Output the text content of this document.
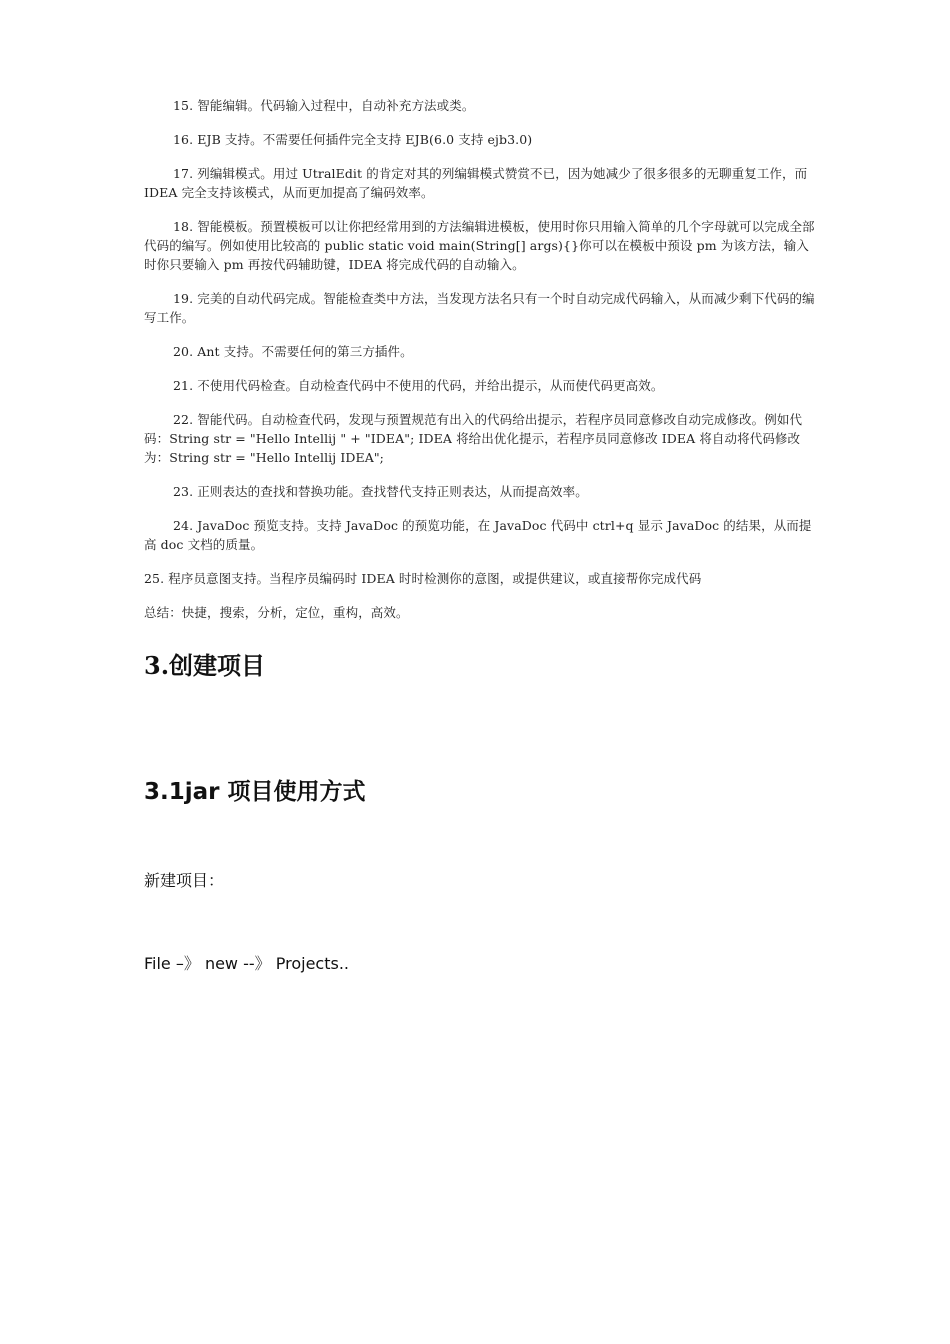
15. 智能编辑。代码输入过程中，自动补充方法或类。

16. EJB 支持。不需要任何插件完全支持 EJB(6.0 支持 ejb3.0)

17. 列编辑模式。用过 UtralEdit 的肯定对其的列编辑模式赞赏不已，因为她减少了很多很多的无聊重复工作，而 IDEA 完全支持该模式，从而更加提高了编码效率。

18. 智能模板。预置模板可以让你把经常用到的方法编辑进模板，使用时你只用输入简单的几个字母就可以完成全部代码的编写。例如使用比较高的 public static void main(String[] args){}你可以在模板中预设 pm 为该方法，输入时你只要输入 pm 再按代码辅助键，IDEA 将完成代码的自动输入。

19. 完美的自动代码完成。智能检查类中方法，当发现方法名只有一个时自动完成代码输入，从而减少剩下代码的编写工作。

20. Ant 支持。不需要任何的第三方插件。

21. 不使用代码检查。自动检查代码中不使用的代码，并给出提示，从而使代码更高效。

22. 智能代码。自动检查代码，发现与预置规范有出入的代码给出提示，若程序员同意修改自动完成修改。例如代码：String str = "Hello Intellij " + "IDEA"; IDEA 将给出优化提示，若程序员同意修改 IDEA 将自动将代码修改为：String str = "Hello Intellij IDEA";

23. 正则表达的查找和替换功能。查找替代支持正则表达，从而提高效率。

24. JavaDoc 预览支持。支持 JavaDoc 的预览功能，在 JavaDoc 代码中 ctrl+q 显示 JavaDoc 的结果，从而提高 doc 文档的质量。

25. 程序员意图支持。当程序员编码时 IDEA 时时检测你的意图，或提供建议，或直接帮你完成代码

总结：快捷，搜索，分析，定位，重构，高效。

3.创建项目
3.1jar 项目使用方式

新建项目：

File –》 new --》 Projects..
